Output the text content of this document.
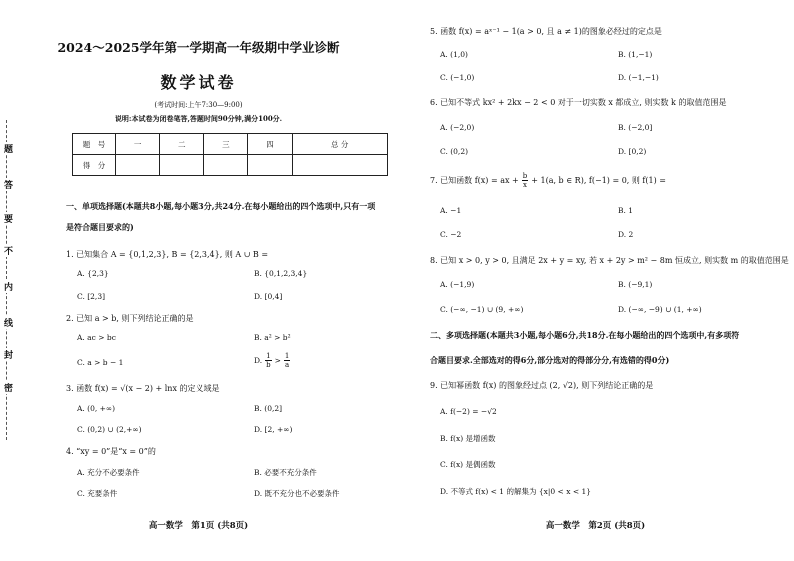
题
答
要
不
内
线
封
密
2024～2025学年第一学期高一年级期中学业诊断
数学试卷
(考试时间:上午7:30—9:00)
说明:本试卷为闭卷笔答,答题时间90分钟,满分100分.
题　号	一	二	三	四	总 分
得　分					
一、单项选择题(本题共8小题,每小题3分,共24分.在每小题给出的四个选项中,只有一项
是符合题目要求的)
1. 已知集合 A = {0,1,2,3}, B = {2,3,4}, 则 A ∪ B =
A. {2,3}	B. {0,1,2,3,4}
C. [2,3]	D. [0,4]
2. 已知 a > b, 则下列结论正确的是
A. ac > bc	B. a² > b²
C. a > b − 1	D. $\frac{1}{b} > \frac{1}{a}$
3. 函数 f(x) = √(x − 2) + lnx 的定义域是
A. (0, +∞)	B. (0,2]
C. (0,2) ∪ (2,+∞)	D. [2, +∞)
4. “xy = 0”是“x = 0”的
A. 充分不必要条件	B. 必要不充分条件
C. 充要条件	D. 既不充分也不必要条件
高一数学　第1页 (共8页)
5. 函数 f(x) = aˣ⁻¹ − 1(a > 0, 且 a ≠ 1)的图象必经过的定点是
A. (1,0)	B. (1,−1)
C. (−1,0)	D. (−1,−1)
6. 已知不等式 kx² + 2kx − 2 < 0 对于一切实数 x 都成立, 则实数 k 的取值范围是
A. (−2,0)	B. (−2,0]
C. (0,2)	D. [0,2)
7. 已知函数 f(x) = ax + $\frac{b}{x} + 1(a$, b ∈ R), f(−1) = 0, 则 f(1) =
A. −1	B. 1
C. −2	D. 2
8. 已知 x > 0, y > 0, 且满足 2x + y = xy, 若 x + 2y > m² − 8m 恒成立, 则实数 m 的取值范围是
A. (−1,9)	B. (−9,1)
C. (−∞, −1) ∪ (9, +∞)	D. (−∞, −9) ∪ (1, +∞)
二、多项选择题(本题共3小题,每小题6分,共18分.在每小题给出的四个选项中,有多项符
合题目要求.全部选对的得6分,部分选对的得部分分,有选错的得0分)
9. 已知幂函数 f(x) 的图象经过点 (2, √2), 则下列结论正确的是
A. f(−2) = −√2
B. f(x) 是增函数
C. f(x) 是偶函数
D. 不等式 f(x) < 1 的解集为 {x|0 < x < 1}
高一数学　第2页 (共8页)
